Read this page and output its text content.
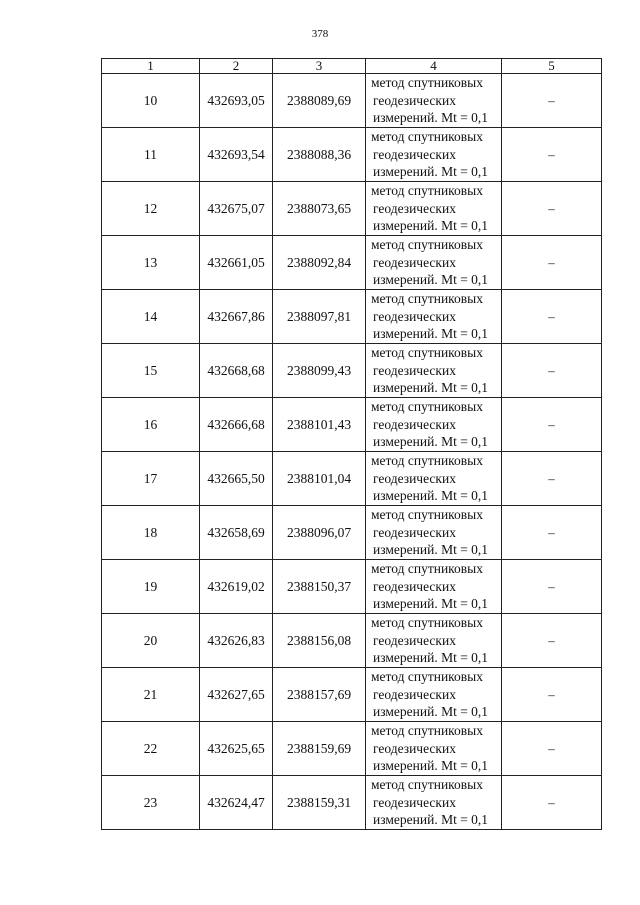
378
1	2	3	4	5
10	432693,05	2388089,69	метод спутниковых
геодезических
измерений. Mt = 0,1	–
11	432693,54	2388088,36	метод спутниковых
геодезических
измерений. Mt = 0,1	–
12	432675,07	2388073,65	метод спутниковых
геодезических
измерений. Mt = 0,1	–
13	432661,05	2388092,84	метод спутниковых
геодезических
измерений. Mt = 0,1	–
14	432667,86	2388097,81	метод спутниковых
геодезических
измерений. Mt = 0,1	–
15	432668,68	2388099,43	метод спутниковых
геодезических
измерений. Mt = 0,1	–
16	432666,68	2388101,43	метод спутниковых
геодезических
измерений. Mt = 0,1	–
17	432665,50	2388101,04	метод спутниковых
геодезических
измерений. Mt = 0,1	–
18	432658,69	2388096,07	метод спутниковых
геодезических
измерений. Mt = 0,1	–
19	432619,02	2388150,37	метод спутниковых
геодезических
измерений. Mt = 0,1	–
20	432626,83	2388156,08	метод спутниковых
геодезических
измерений. Mt = 0,1	–
21	432627,65	2388157,69	метод спутниковых
геодезических
измерений. Mt = 0,1	–
22	432625,65	2388159,69	метод спутниковых
геодезических
измерений. Mt = 0,1	–
23	432624,47	2388159,31	метод спутниковых
геодезических
измерений. Mt = 0,1	–
